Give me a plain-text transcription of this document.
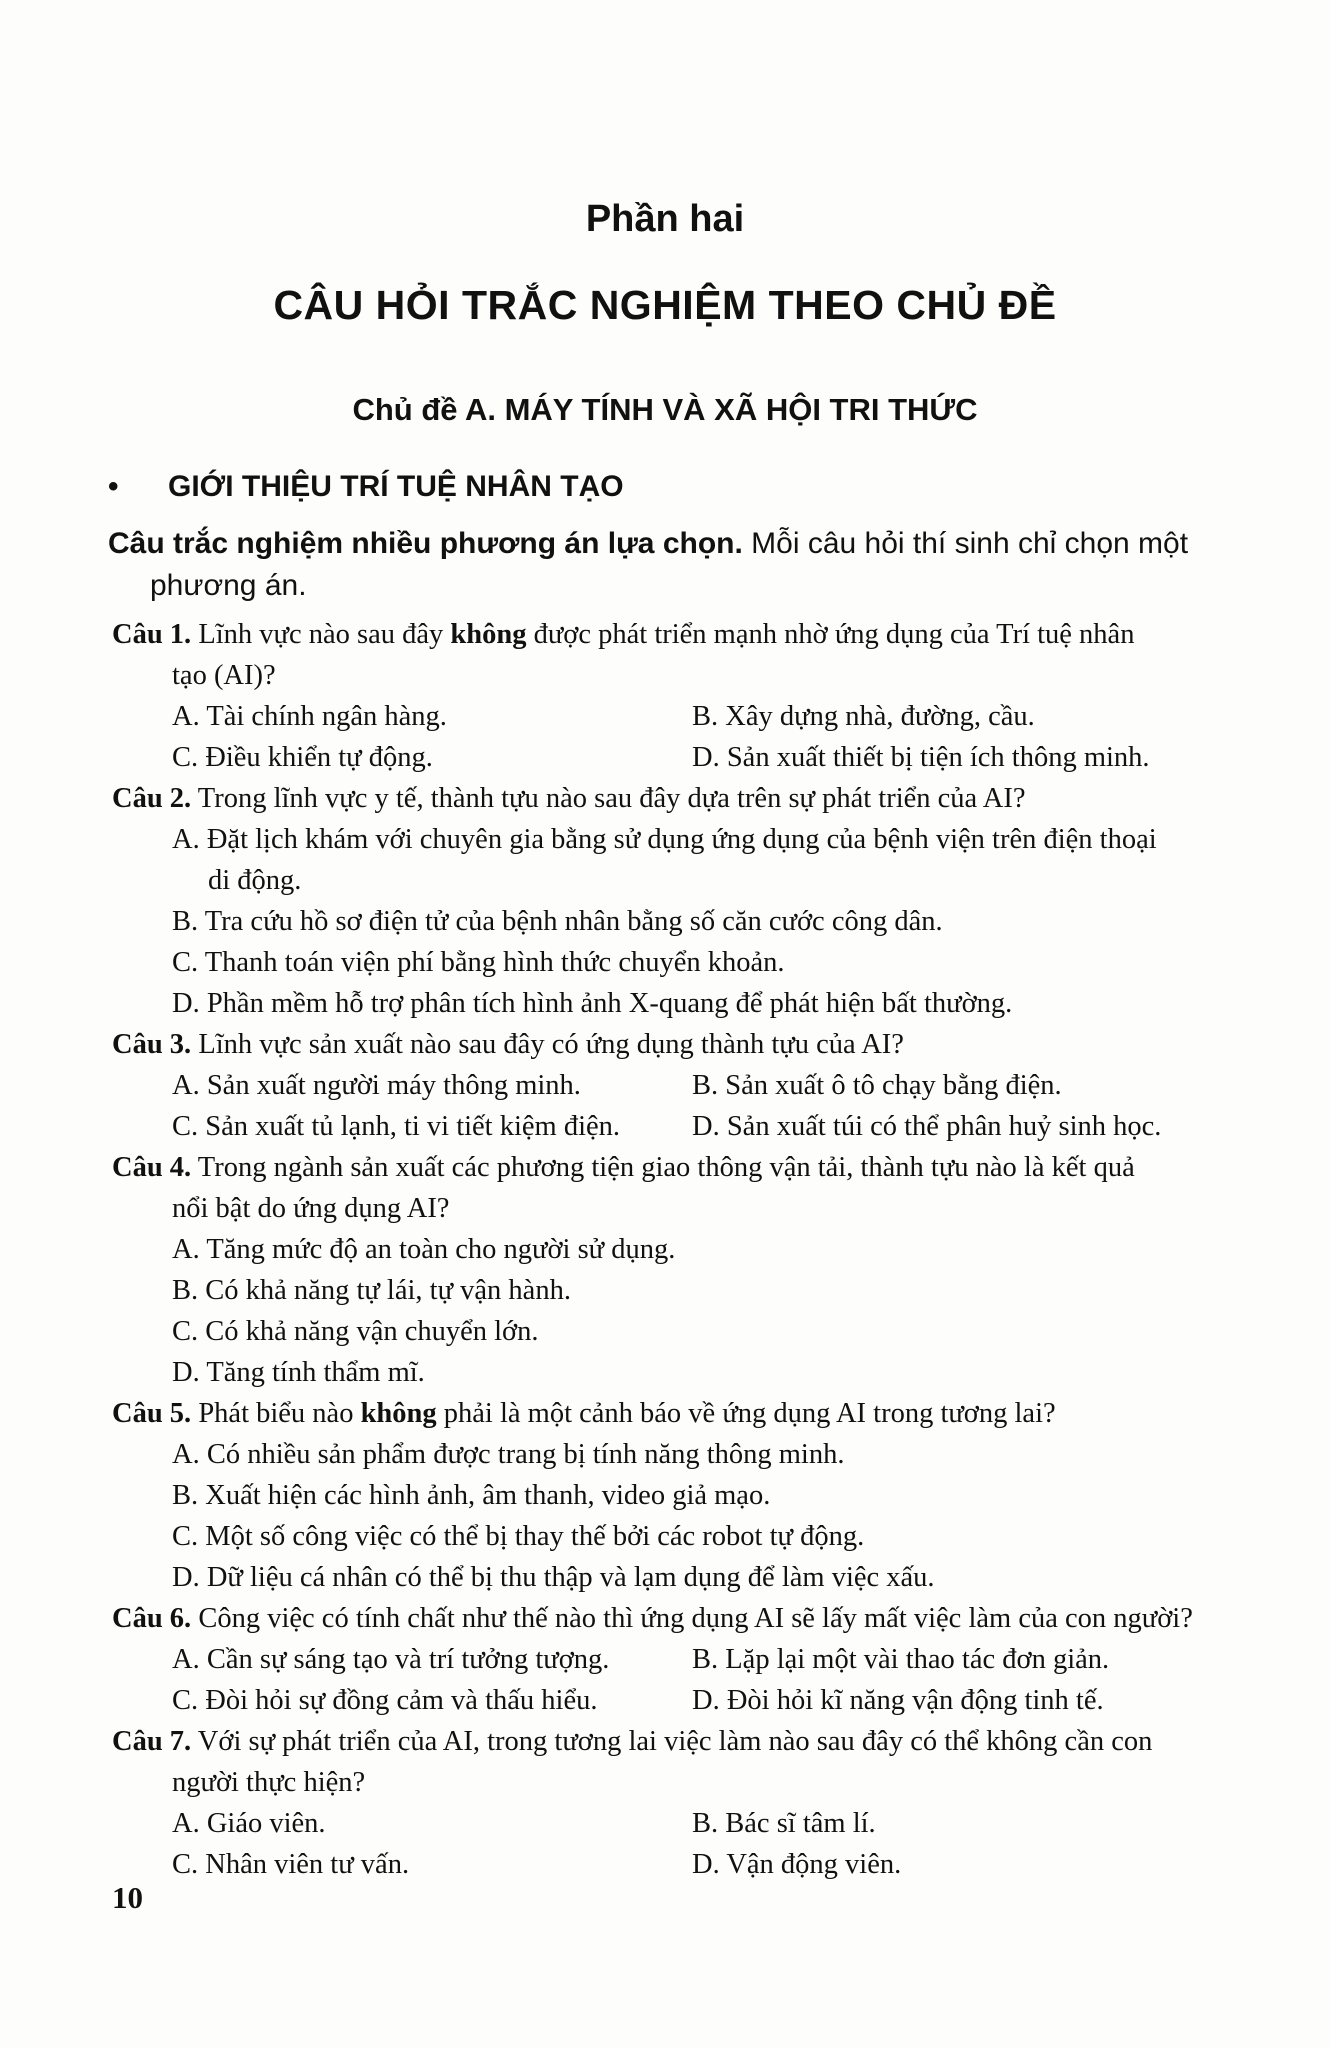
Phần hai
CÂU HỎI TRẮC NGHIỆM THEO CHỦ ĐỀ
Chủ đề A. MÁY TÍNH VÀ XÃ HỘI TRI THỨC
• GIỚI THIỆU TRÍ TUỆ NHÂN TẠO
Câu trắc nghiệm nhiều phương án lựa chọn. Mỗi câu hỏi thí sinh chỉ chọn một
phương án.
Câu 1. Lĩnh vực nào sau đây không được phát triển mạnh nhờ ứng dụng của Trí tuệ nhân
tạo (AI)?
A. Tài chính ngân hàng.	B. Xây dựng nhà, đường, cầu.
C. Điều khiển tự động.	D. Sản xuất thiết bị tiện ích thông minh.
Câu 2. Trong lĩnh vực y tế, thành tựu nào sau đây dựa trên sự phát triển của AI?
A. Đặt lịch khám với chuyên gia bằng sử dụng ứng dụng của bệnh viện trên điện thoại
di động.
B. Tra cứu hồ sơ điện tử của bệnh nhân bằng số căn cước công dân.
C. Thanh toán viện phí bằng hình thức chuyển khoản.
D. Phần mềm hỗ trợ phân tích hình ảnh X-quang để phát hiện bất thường.
Câu 3. Lĩnh vực sản xuất nào sau đây có ứng dụng thành tựu của AI?
A. Sản xuất người máy thông minh.	B. Sản xuất ô tô chạy bằng điện.
C. Sản xuất tủ lạnh, ti vi tiết kiệm điện.	D. Sản xuất túi có thể phân huỷ sinh học.
Câu 4. Trong ngành sản xuất các phương tiện giao thông vận tải, thành tựu nào là kết quả
nổi bật do ứng dụng AI?
A. Tăng mức độ an toàn cho người sử dụng.
B. Có khả năng tự lái, tự vận hành.
C. Có khả năng vận chuyển lớn.
D. Tăng tính thẩm mĩ.
Câu 5. Phát biểu nào không phải là một cảnh báo về ứng dụng AI trong tương lai?
A. Có nhiều sản phẩm được trang bị tính năng thông minh.
B. Xuất hiện các hình ảnh, âm thanh, video giả mạo.
C. Một số công việc có thể bị thay thế bởi các robot tự động.
D. Dữ liệu cá nhân có thể bị thu thập và lạm dụng để làm việc xấu.
Câu 6. Công việc có tính chất như thế nào thì ứng dụng AI sẽ lấy mất việc làm của con người?
A. Cần sự sáng tạo và trí tưởng tượng.	B. Lặp lại một vài thao tác đơn giản.
C. Đòi hỏi sự đồng cảm và thấu hiểu.	D. Đòi hỏi kĩ năng vận động tinh tế.
Câu 7. Với sự phát triển của AI, trong tương lai việc làm nào sau đây có thể không cần con
người thực hiện?
A. Giáo viên.	B. Bác sĩ tâm lí.
C. Nhân viên tư vấn.	D. Vận động viên.
10
